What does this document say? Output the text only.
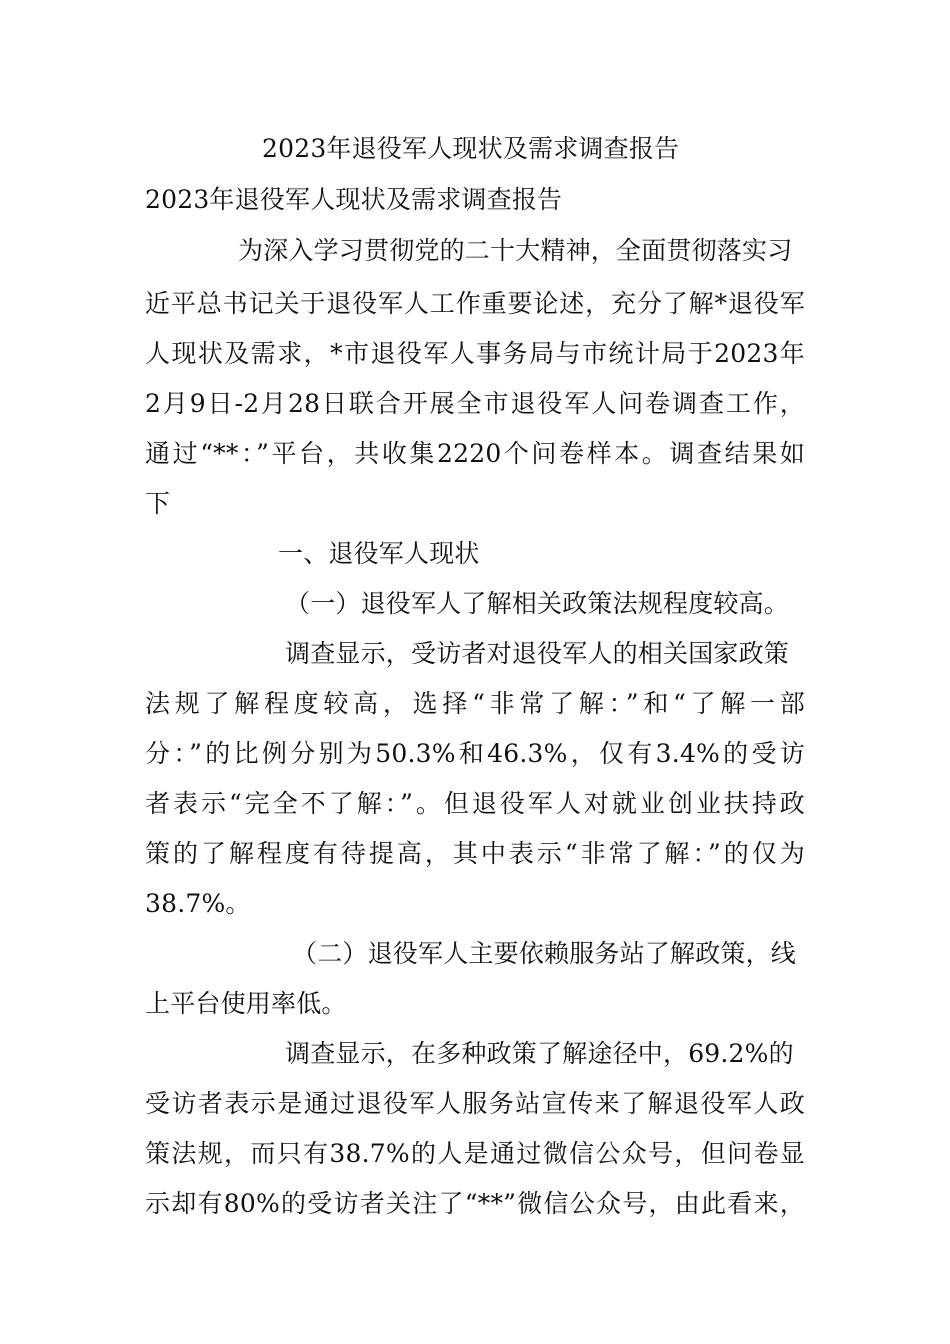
2023年退役军人现状及需求调查报告
2023年退役军人现状及需求调查报告
为深入学习贯彻党的二十大精神，全面贯彻落实习
近平总书记关于退役军人工作重要论述，充分了解*退役军
人现状及需求，*市退役军人事务局与市统计局于2023年
2月9日-2月28日联合开展全市退役军人问卷调查工作，
通过“**：”平台，共收集2220个问卷样本。调查结果如
下
一、退役军人现状
（一）退役军人了解相关政策法规程度较高。
调查显示，受访者对退役军人的相关国家政策
法规了解程度较高，选择“非常了解：”和“了解一部
分：”的比例分别为50.3%和46.3%，仅有3.4%的受访
者表示“完全不了解：”。但退役军人对就业创业扶持政
策的了解程度有待提高，其中表示“非常了解：”的仅为
38.7%。
（二）退役军人主要依赖服务站了解政策，线
上平台使用率低。
调查显示，在多种政策了解途径中，69.2%的
受访者表示是通过退役军人服务站宣传来了解退役军人政
策法规，而只有38.7%的人是通过微信公众号，但问卷显
示却有80%的受访者关注了“**”微信公众号，由此看来，
